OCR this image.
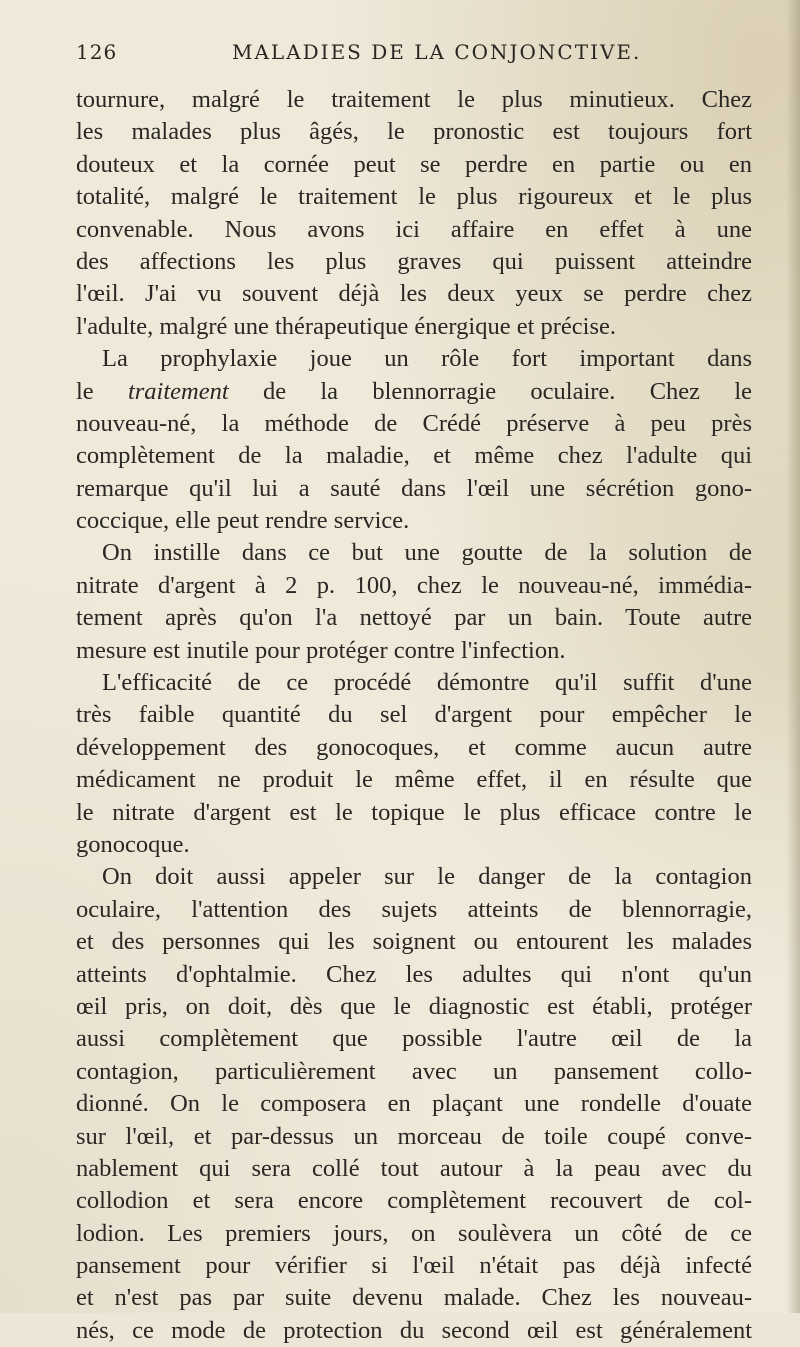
126	MALADIES DE LA CONJONCTIVE.
tournure, malgré le traitement le plus minutieux. Chez
les malades plus âgés, le pronostic est toujours fort
douteux et la cornée peut se perdre en partie ou en
totalité, malgré le traitement le plus rigoureux et le plus
convenable. Nous avons ici affaire en effet à une
des affections les plus graves qui puissent atteindre
l'œil. J'ai vu souvent déjà les deux yeux se perdre chez
l'adulte, malgré une thérapeutique énergique et précise.
La prophylaxie joue un rôle fort important dans
le traitement de la blennorragie oculaire. Chez le
nouveau-né, la méthode de Crédé préserve à peu près
complètement de la maladie, et même chez l'adulte qui
remarque qu'il lui a sauté dans l'œil une sécrétion gono-
coccique, elle peut rendre service.
On instille dans ce but une goutte de la solution de
nitrate d'argent à 2 p. 100, chez le nouveau-né, immédia-
tement après qu'on l'a nettoyé par un bain. Toute autre
mesure est inutile pour protéger contre l'infection.
L'efficacité de ce procédé démontre qu'il suffit d'une
très faible quantité du sel d'argent pour empêcher le
développement des gonocoques, et comme aucun autre
médicament ne produit le même effet, il en résulte que
le nitrate d'argent est le topique le plus efficace contre le
gonocoque.
On doit aussi appeler sur le danger de la contagion
oculaire, l'attention des sujets atteints de blennorragie,
et des personnes qui les soignent ou entourent les malades
atteints d'ophtalmie. Chez les adultes qui n'ont qu'un
œil pris, on doit, dès que le diagnostic est établi, protéger
aussi complètement que possible l'autre œil de la
contagion, particulièrement avec un pansement collo-
dionné. On le composera en plaçant une rondelle d'ouate
sur l'œil, et par-dessus un morceau de toile coupé conve-
nablement qui sera collé tout autour à la peau avec du
collodion et sera encore complètement recouvert de col-
lodion. Les premiers jours, on soulèvera un côté de ce
pansement pour vérifier si l'œil n'était pas déjà infecté
et n'est pas par suite devenu malade. Chez les nouveau-
nés, ce mode de protection du second œil est généralement
